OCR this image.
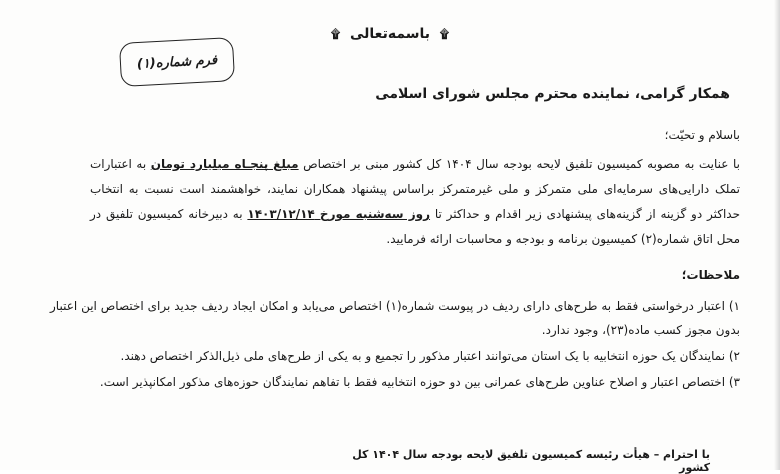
۩ باسمه‌تعالی ۩
فرم شماره(۱)
همکار گرامی، نماینده محترم مجلس شورای اسلامی
باسلام و تحیّت؛
با عنایت به مصوبه کمیسیون تلفیق لایحه بودجه سال ۱۴۰۴ کل کشور مبنی بر اختصاص مبلغ پنجـاه میلیارد تومان به اعتبارات تملک دارایی‌های سرمایه‌ای ملی متمرکز و ملی غیرمتمرکز براساس پیشنهاد همکاران نمایند، خواهشمند است نسبت به انتخاب حداکثر دو گزینه از گزینه‌های پیشنهادی زیر اقدام و حداکثر تا روز سه‌شنبه مورخ ۱۴۰۳/۱۲/۱۴ به دبیرخانه کمیسیون تلفیق در محل اتاق شماره(۲) کمیسیون برنامه و بودجه و محاسبات ارائه فرمایید.
ملاحظات؛
۱) اعتبار درخواستی فقط به طرح‌های دارای ردیف در پیوست شماره(۱) اختصاص می‌یابد و امکان ایجاد ردیف جدید برای اختصاص این اعتبار بدون مجوز کسب ماده(۲۳)، وجود ندارد.
۲) نمایندگان یک حوزه انتخابیه با یک استان می‌توانند اعتبار مذکور را تجمیع و به یکی از طرح‌های ملی ذیل‌الذکر اختصاص دهند.
۳) اختصاص اعتبار و اصلاح عناوین طرح‌های عمرانی بین دو حوزه انتخابیه فقط با تفاهم نمایندگان حوزه‌های مذکور امکانپذیر است.
با احترام – هیأت رئیسه کمیسیون تلفیق لایحه بودجه سال ۱۴۰۴ کل کشور
